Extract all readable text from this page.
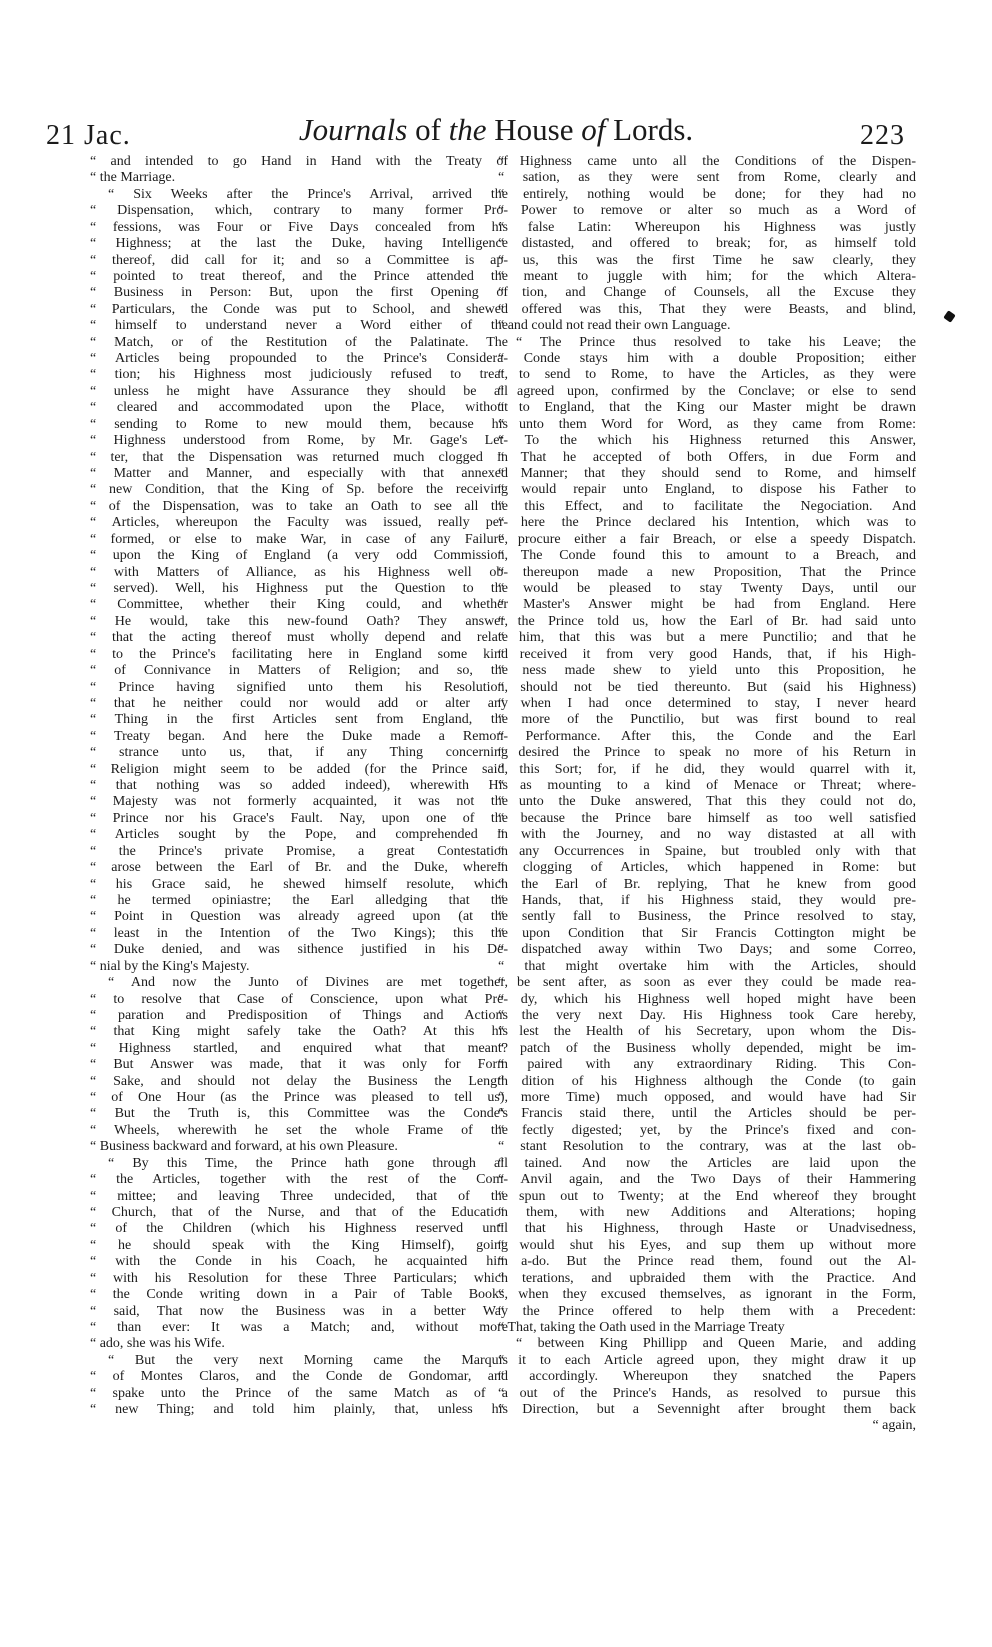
21 Jac.	Journals of the House of Lords.	223

“ and intended to go Hand in Hand with the Treaty of

“ the Marriage.

“ Six Weeks after the Prince's Arrival, arrived the

“ Dispensation, which, contrary to many former Pro-

“ fessions, was Four or Five Days concealed from his

“ Highness; at the last the Duke, having Intelligence

“ thereof, did call for it; and so a Committee is ap-

“ pointed to treat thereof, and the Prince attended the

“ Business in Person: But, upon the first Opening of

“ Particulars, the Conde was put to School, and shewed

“ himself to understand never a Word either of the

“ Match, or of the Restitution of the Palatinate. The

“ Articles being propounded to the Prince's Considera-

“ tion; his Highness most judiciously refused to treat,

“ unless he might have Assurance they should be all

“ cleared and accommodated upon the Place, without

“ sending to Rome to new mould them, because his

“ Highness understood from Rome, by Mr. Gage's Let-

“ ter, that the Dispensation was returned much clogged in

“ Matter and Manner, and especially with that annexed

“ new Condition, that the King of Sp. before the receiving

“ of the Dispensation, was to take an Oath to see all the

“ Articles, whereupon the Faculty was issued, really per-

“ formed, or else to make War, in case of any Failure,

“ upon the King of England (a very odd Commission,

“ with Matters of Alliance, as his Highness well ob-

“ served). Well, his Highness put the Question to the

“ Committee, whether their King could, and whether

“ He would, take this new-found Oath? They answer,

“ that the acting thereof must wholly depend and relate

“ to the Prince's facilitating here in England some kind

“ of Connivance in Matters of Religion; and so, the

“ Prince having signified unto them his Resolution,

“ that he neither could nor would add or alter any

“ Thing in the first Articles sent from England, the

“ Treaty began. And here the Duke made a Remon-

“ strance unto us, that, if any Thing concerning

“ Religion might seem to be added (for the Prince said,

“ that nothing was so added indeed), wherewith His

“ Majesty was not formerly acquainted, it was not the

“ Prince nor his Grace's Fault. Nay, upon one of the

“ Articles sought by the Pope, and comprehended in

“ the Prince's private Promise, a great Contestation

“ arose between the Earl of Br. and the Duke, wherein

“ his Grace said, he shewed himself resolute, which

“ he termed opiniastre; the Earl alledging that the

“ Point in Question was already agreed upon (at the

“ least in the Intention of the Two Kings); this the

“ Duke denied, and was sithence justified in his De-

“ nial by the King's Majesty.

“ And now the Junto of Divines are met together,

“ to resolve that Case of Conscience, upon what Pre-

“ paration and Predisposition of Things and Actions

“ that King might safely take the Oath? At this his

“ Highness startled, and enquired what that meant?

“ But Answer was made, that it was only for Form

“ Sake, and should not delay the Business the Length

“ of One Hour (as the Prince was pleased to tell us),

“ But the Truth is, this Committee was the Conde's

“ Wheels, wherewith he set the whole Frame of the

“ Business backward and forward, at his own Pleasure.

“ By this Time, the Prince hath gone through all

“ the Articles, together with the rest of the Com-

“ mittee; and leaving Three undecided, that of the

“ Church, that of the Nurse, and that of the Education

“ of the Children (which his Highness reserved until

“ he should speak with the King Himself), going

“ with the Conde in his Coach, he acquainted him

“ with his Resolution for these Three Particulars; which

“ the Conde writing down in a Pair of Table Books,

“ said, That now the Business was in a better Way

“ than ever: It was a Match; and, without more

“ ado, she was his Wife.

“ But the very next Morning came the Marquis

“ of Montes Claros, and the Conde de Gondomar, and

“ spake unto the Prince of the same Match as of a

“ new Thing; and told him plainly, that, unless his

“ Highness came unto all the Conditions of the Dispen-

“ sation, as they were sent from Rome, clearly and

“ entirely, nothing would be done; for they had no

“ Power to remove or alter so much as a Word of

“ false Latin: Whereupon his Highness was justly

“ distasted, and offered to break; for, as himself told

“ us, this was the first Time he saw clearly, they

“ meant to juggle with him; for the which Altera-

“ tion, and Change of Counsels, all the Excuse they

“ offered was this, That they were Beasts, and blind,

“ and could not read their own Language.

“ The Prince thus resolved to take his Leave; the

“ Conde stays him with a double Proposition; either

“ to send to Rome, to have the Articles, as they were

“ agreed upon, confirmed by the Conclave; or else to send

“ to England, that the King our Master might be drawn

“ unto them Word for Word, as they came from Rome:

“ To the which his Highness returned this Answer,

“ That he accepted of both Offers, in due Form and

“ Manner; that they should send to Rome, and himself

“ would repair unto England, to dispose his Father to

“ this Effect, and to facilitate the Negociation. And

“ here the Prince declared his Intention, which was to

“ procure either a fair Breach, or else a speedy Dispatch.

“ The Conde found this to amount to a Breach, and

“ thereupon made a new Proposition, That the Prince

“ would be pleased to stay Twenty Days, until our

“ Master's Answer might be had from England. Here

“ the Prince told us, how the Earl of Br. had said unto

“ him, that this was but a mere Punctilio; and that he

“ received it from very good Hands, that, if his High-

“ ness made shew to yield unto this Proposition, he

“ should not be tied thereunto. But (said his Highness)

“ when I had once determined to stay, I never heard

“ more of the Punctilio, but was first bound to real

“ Performance. After this, the Conde and the Earl

“ desired the Prince to speak no more of his Return in

“ this Sort; for, if he did, they would quarrel with it,

“ as mounting to a kind of Menace or Threat; where-

“ unto the Duke answered, That this they could not do,

“ because the Prince bare himself as too well satisfied

“ with the Journey, and no way distasted at all with

“ any Occurrences in Spaine, but troubled only with that

“ clogging of Articles, which happened in Rome: but

“ the Earl of Br. replying, That he knew from good

“ Hands, that, if his Highness staid, they would pre-

“ sently fall to Business, the Prince resolved to stay,

“ upon Condition that Sir Francis Cottington might be

“ dispatched away within Two Days; and some Correo,

“ that might overtake him with the Articles, should

“ be sent after, as soon as ever they could be made rea-

“ dy, which his Highness well hoped might have been

“ the very next Day. His Highness took Care hereby,

“ lest the Health of his Secretary, upon whom the Dis-

“ patch of the Business wholly depended, might be im-

“ paired with any extraordinary Riding. This Con-

“ dition of his Highness although the Conde (to gain

“ more Time) much opposed, and would have had Sir

“ Francis staid there, until the Articles should be per-

“ fectly digested; yet, by the Prince's fixed and con-

“ stant Resolution to the contrary, was at the last ob-

“ tained. And now the Articles are laid upon the

“ Anvil again, and the Two Days of their Hammering

“ spun out to Twenty; at the End whereof they brought

“ them, with new Additions and Alterations; hoping

“ that his Highness, through Haste or Unadvisedness,

“ would shut his Eyes, and sup them up without more

“ a-do. But the Prince read them, found out the Al-

“ terations, and upbraided them with the Practice. And

“ when they excused themselves, as ignorant in the Form,

“ the Prince offered to help them with a Precedent:

“ That, taking the Oath used in the Marriage Treaty

“ between King Phillipp and Queen Marie, and adding

“ it to each Article agreed upon, they might draw it up

“ accordingly. Whereupon they snatched the Papers

“ out of the Prince's Hands, as resolved to pursue this

“ Direction, but a Sevennight after brought them back

“ again,
